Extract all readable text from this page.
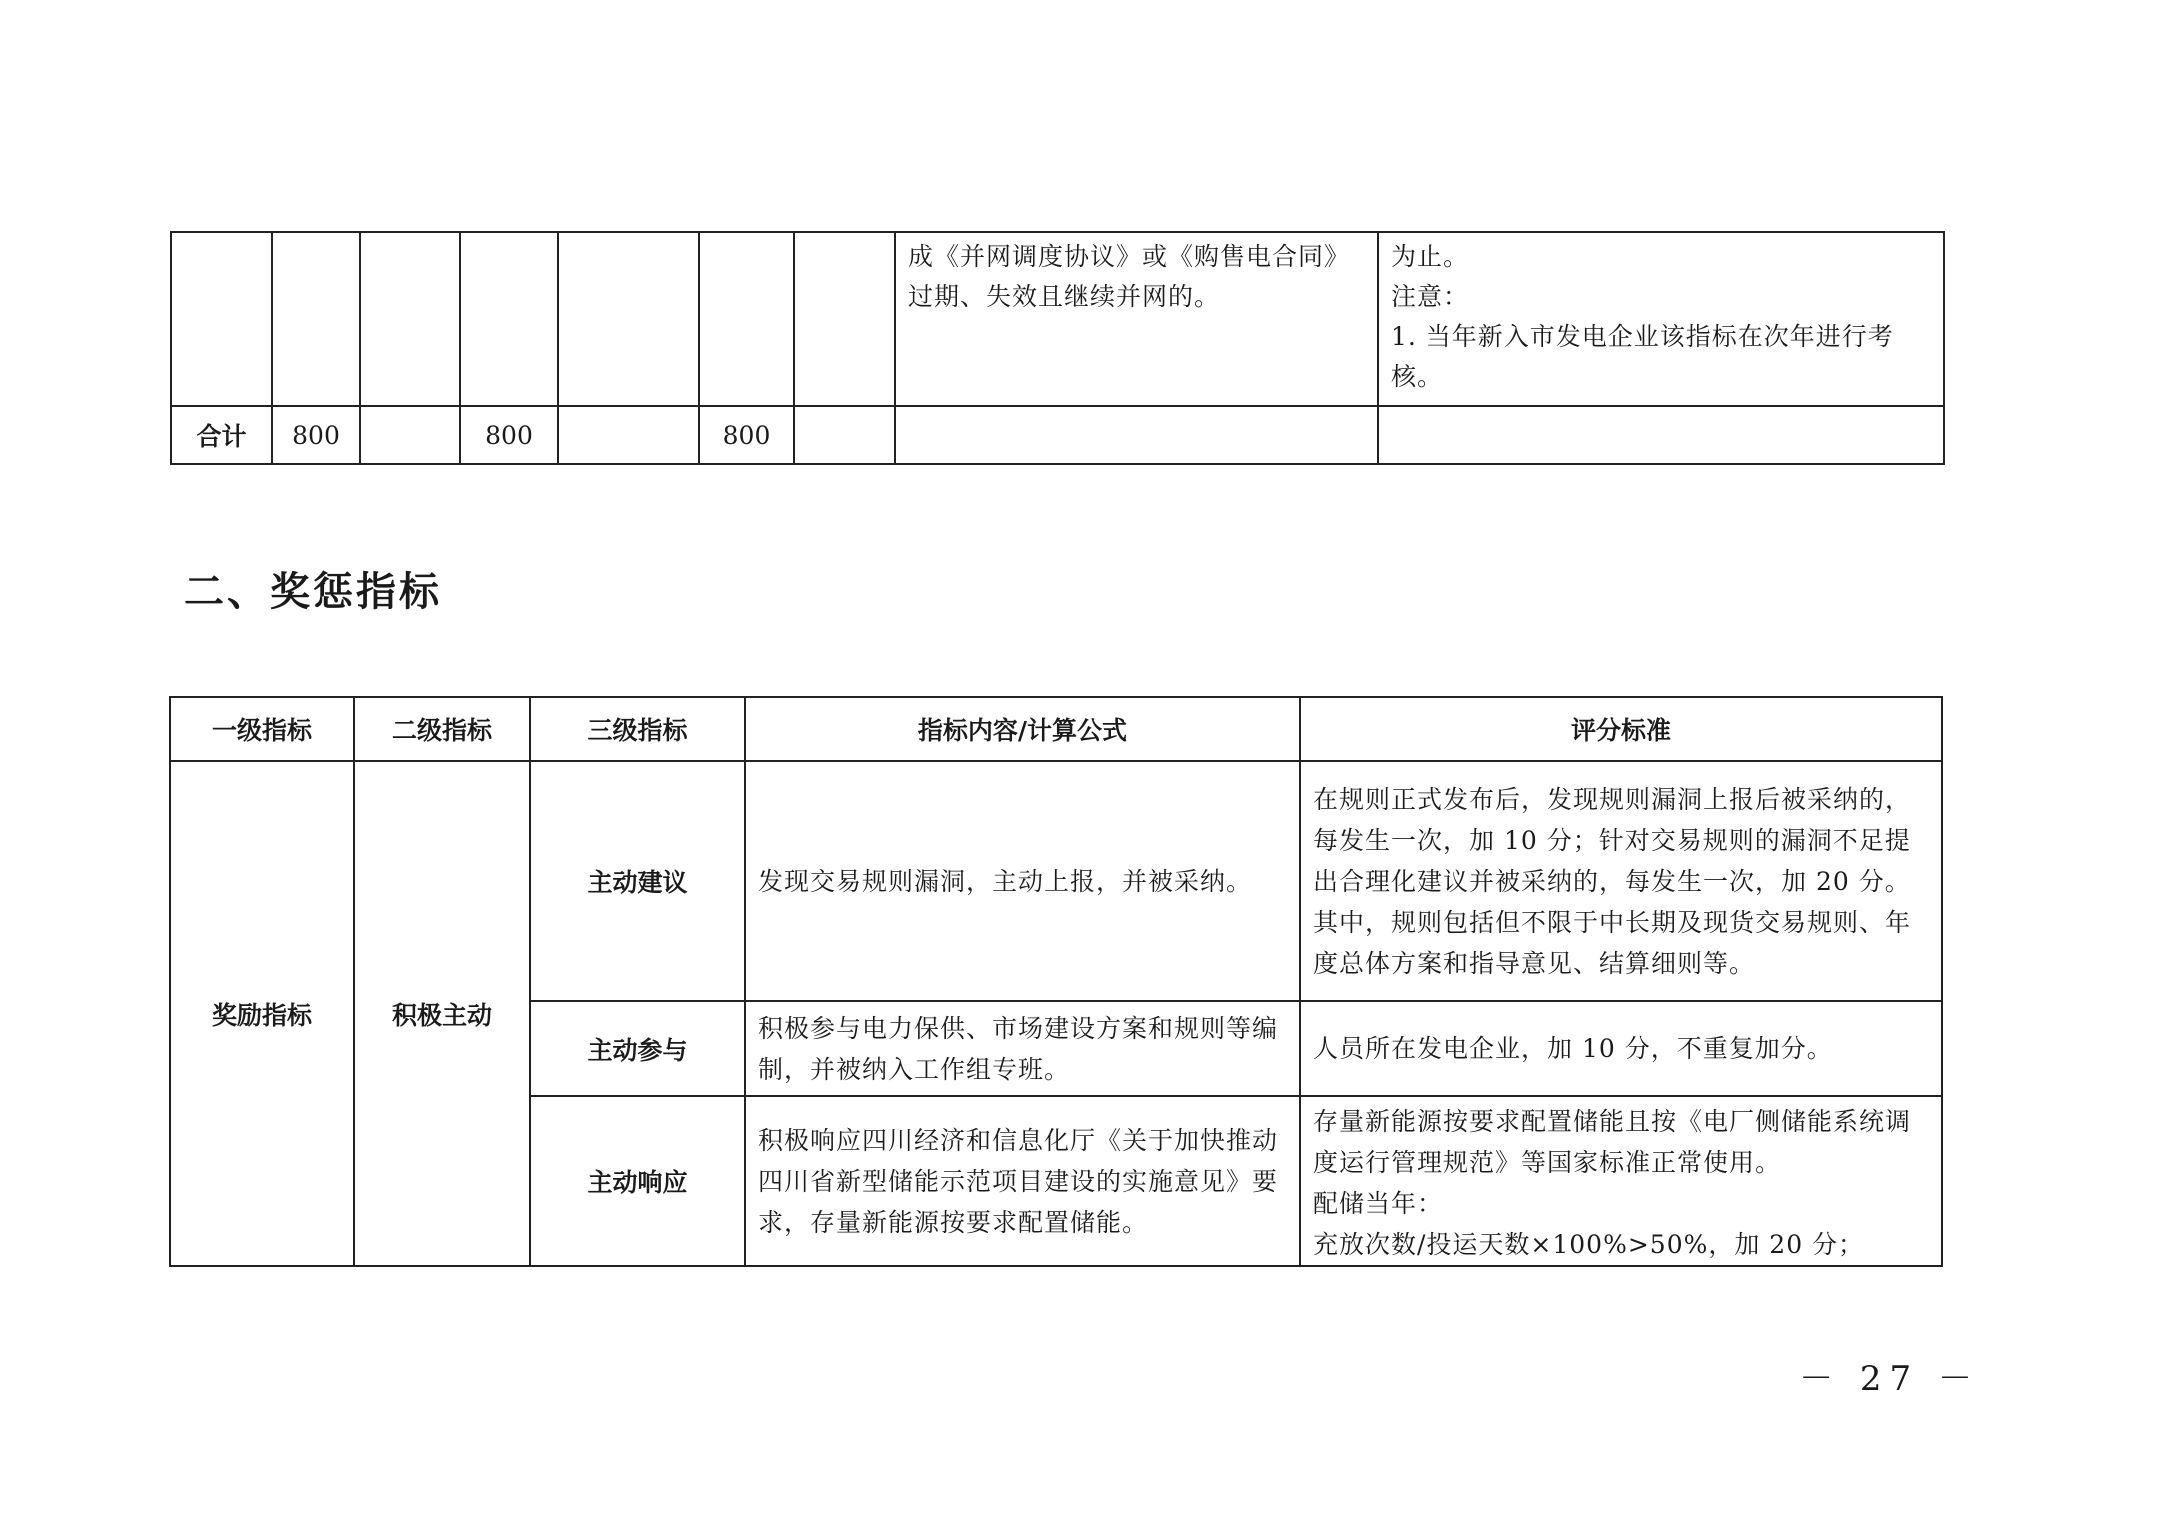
							成《并网调度协议》或《购售电合同》过期、失效且继续并网的。	为止。
注意：
1. 当年新入市发电企业该指标在次年进行考核。

合计	800		800		800			
二、奖惩指标
一级指标	二级指标	三级指标	指标内容/计算公式	评分标准
奖励指标	积极主动	主动建议	发现交易规则漏洞，主动上报，并被采纳。	在规则正式发布后，发现规则漏洞上报后被采纳的，每发生一次，加 10 分；针对交易规则的漏洞不足提出合理化建议并被采纳的，每发生一次，加 20 分。其中，规则包括但不限于中长期及现货交易规则、年度总体方案和指导意见、结算细则等。

		主动参与	积极参与电力保供、市场建设方案和规则等编制，并被纳入工作组专班。	人员所在发电企业，加 10 分，不重复加分。

		主动响应	积极响应四川经济和信息化厅《关于加快推动四川省新型储能示范项目建设的实施意见》要求，存量新能源按要求配置储能。	存量新能源按要求配置储能且按《电厂侧储能系统调度运行管理规范》等国家标准正常使用。
配储当年：
充放次数/投运天数×100%>50%，加 20 分；
－ 27 －
